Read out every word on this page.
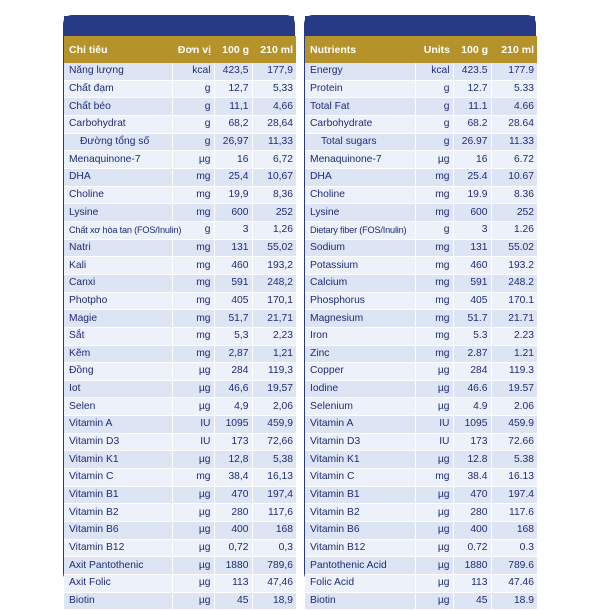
Chỉ tiêu	Đơn vị	100 g	210 ml
Năng lượng	kcal	423,5	177,9
Chất đạm	g	12,7	5,33
Chất béo	g	11,1	4,66
Carbohydrat	g	68,2	28,64
Đường tổng số	g	26,97	11,33
Menaquinone-7	µg	16	6,72
DHA	mg	25,4	10,67
Choline	mg	19,9	8,36
Lysine	mg	600	252
Chất xơ hòa tan (FOS/Inulin)	g	3	1,26
Natri	mg	131	55,02
Kali	mg	460	193,2
Canxi	mg	591	248,2
Photpho	mg	405	170,1
Magie	mg	51,7	21,71
Sắt	mg	5,3	2,23
Kẽm	mg	2,87	1,21
Đồng	µg	284	119,3
Iot	µg	46,6	19,57
Selen	µg	4,9	2,06
Vitamin A	IU	1095	459,9
Vitamin D3	IU	173	72,66
Vitamin K1	µg	12,8	5,38
Vitamin C	mg	38,4	16,13
Vitamin B1	µg	470	197,4
Vitamin B2	µg	280	117,6
Vitamin B6	µg	400	168
Vitamin B12	µg	0,72	0,3
Axit Pantothenic	µg	1880	789,6
Axit Folic	µg	113	47,46
Biotin	µg	45	18,9
Nutrients	Units	100 g	210 ml
Energy	kcal	423.5	177.9
Protein	g	12.7	5.33
Total Fat	g	11.1	4.66
Carbohydrate	g	68.2	28.64
Total sugars	g	26.97	11.33
Menaquinone-7	µg	16	6.72
DHA	mg	25.4	10.67
Choline	mg	19.9	8.36
Lysine	mg	600	252
Dietary fiber (FOS/Inulin)	g	3	1.26
Sodium	mg	131	55.02
Potassium	mg	460	193.2
Calcium	mg	591	248.2
Phosphorus	mg	405	170.1
Magnesium	mg	51.7	21.71
Iron	mg	5.3	2.23
Zinc	mg	2.87	1.21
Copper	µg	284	119.3
Iodine	µg	46.6	19.57
Selenium	µg	4.9	2.06
Vitamin A	IU	1095	459.9
Vitamin D3	IU	173	72.66
Vitamin K1	µg	12.8	5.38
Vitamin C	mg	38.4	16.13
Vitamin B1	µg	470	197.4
Vitamin B2	µg	280	117.6
Vitamin B6	µg	400	168
Vitamin B12	µg	0.72	0.3
Pantothenic Acid	µg	1880	789.6
Folic Acid	µg	113	47.46
Biotin	µg	45	18.9
